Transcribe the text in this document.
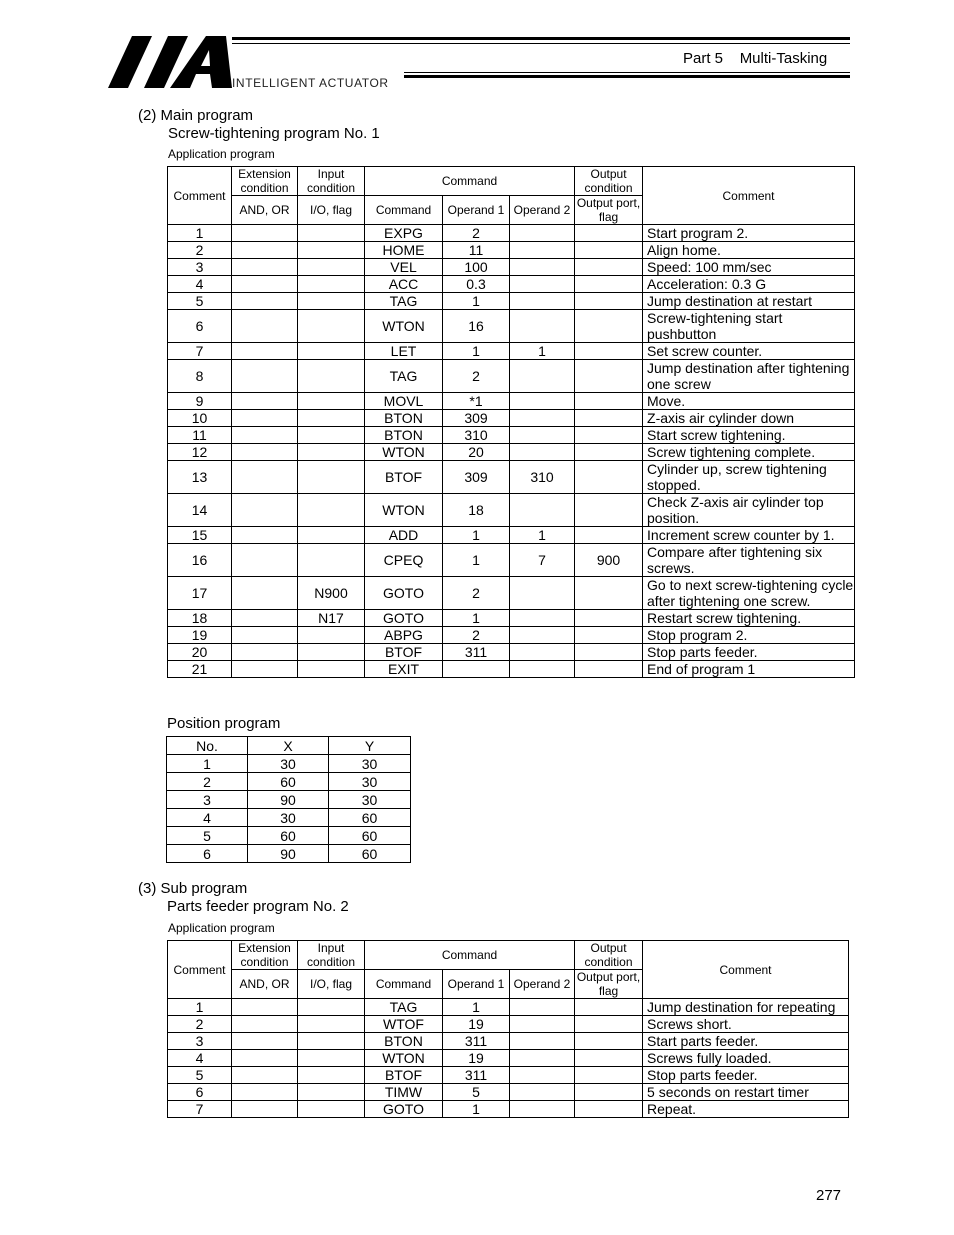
INTELLIGENT ACTUATOR
Part 5    Multi-Tasking
(2) Main program
Screw-tightening program No. 1
Application program
Comment	Extension condition	Input condition	Command			Output condition	Comment
	AND, OR	I/O, flag	Command	Operand 1	Operand 2	Output port, flag	
1			EXPG	2			Start program 2.
2			HOME	11			Align home.
3			VEL	100			Speed: 100 mm/sec
4			ACC	0.3			Acceleration: 0.3 G
5			TAG	1			Jump destination at restart
6			WTON	16			Screw-tightening start pushbutton
7			LET	1	1		Set screw counter.
8			TAG	2			Jump destination after tightening one screw
9			MOVL	*1			Move.
10			BTON	309			Z-axis air cylinder down
11			BTON	310			Start screw tightening.
12			WTON	20			Screw tightening complete.
13			BTOF	309	310		Cylinder up, screw tightening stopped.
14			WTON	18			Check Z-axis air cylinder top position.
15			ADD	1	1		Increment screw counter by 1.
16			CPEQ	1	7	900	Compare after tightening six screws.
17		N900	GOTO	2			Go to next screw-tightening cycle after tightening one screw.
18		N17	GOTO	1			Restart screw tightening.
19			ABPG	2			Stop program 2.
20			BTOF	311			Stop parts feeder.
21			EXIT				End of program 1
Position program
No.	X	Y
1	30	30
2	60	30
3	90	30
4	30	60
5	60	60
6	90	60
(3) Sub program
Parts feeder program No. 2
Application program
Comment	Extension condition	Input condition	Command			Output condition	Comment
	AND, OR	I/O, flag	Command	Operand 1	Operand 2	Output port, flag	
1			TAG	1			Jump destination for repeating
2			WTOF	19			Screws short.
3			BTON	311			Start parts feeder.
4			WTON	19			Screws fully loaded.
5			BTOF	311			Stop parts feeder.
6			TIMW	5			5 seconds on restart timer
7			GOTO	1			Repeat.
277
